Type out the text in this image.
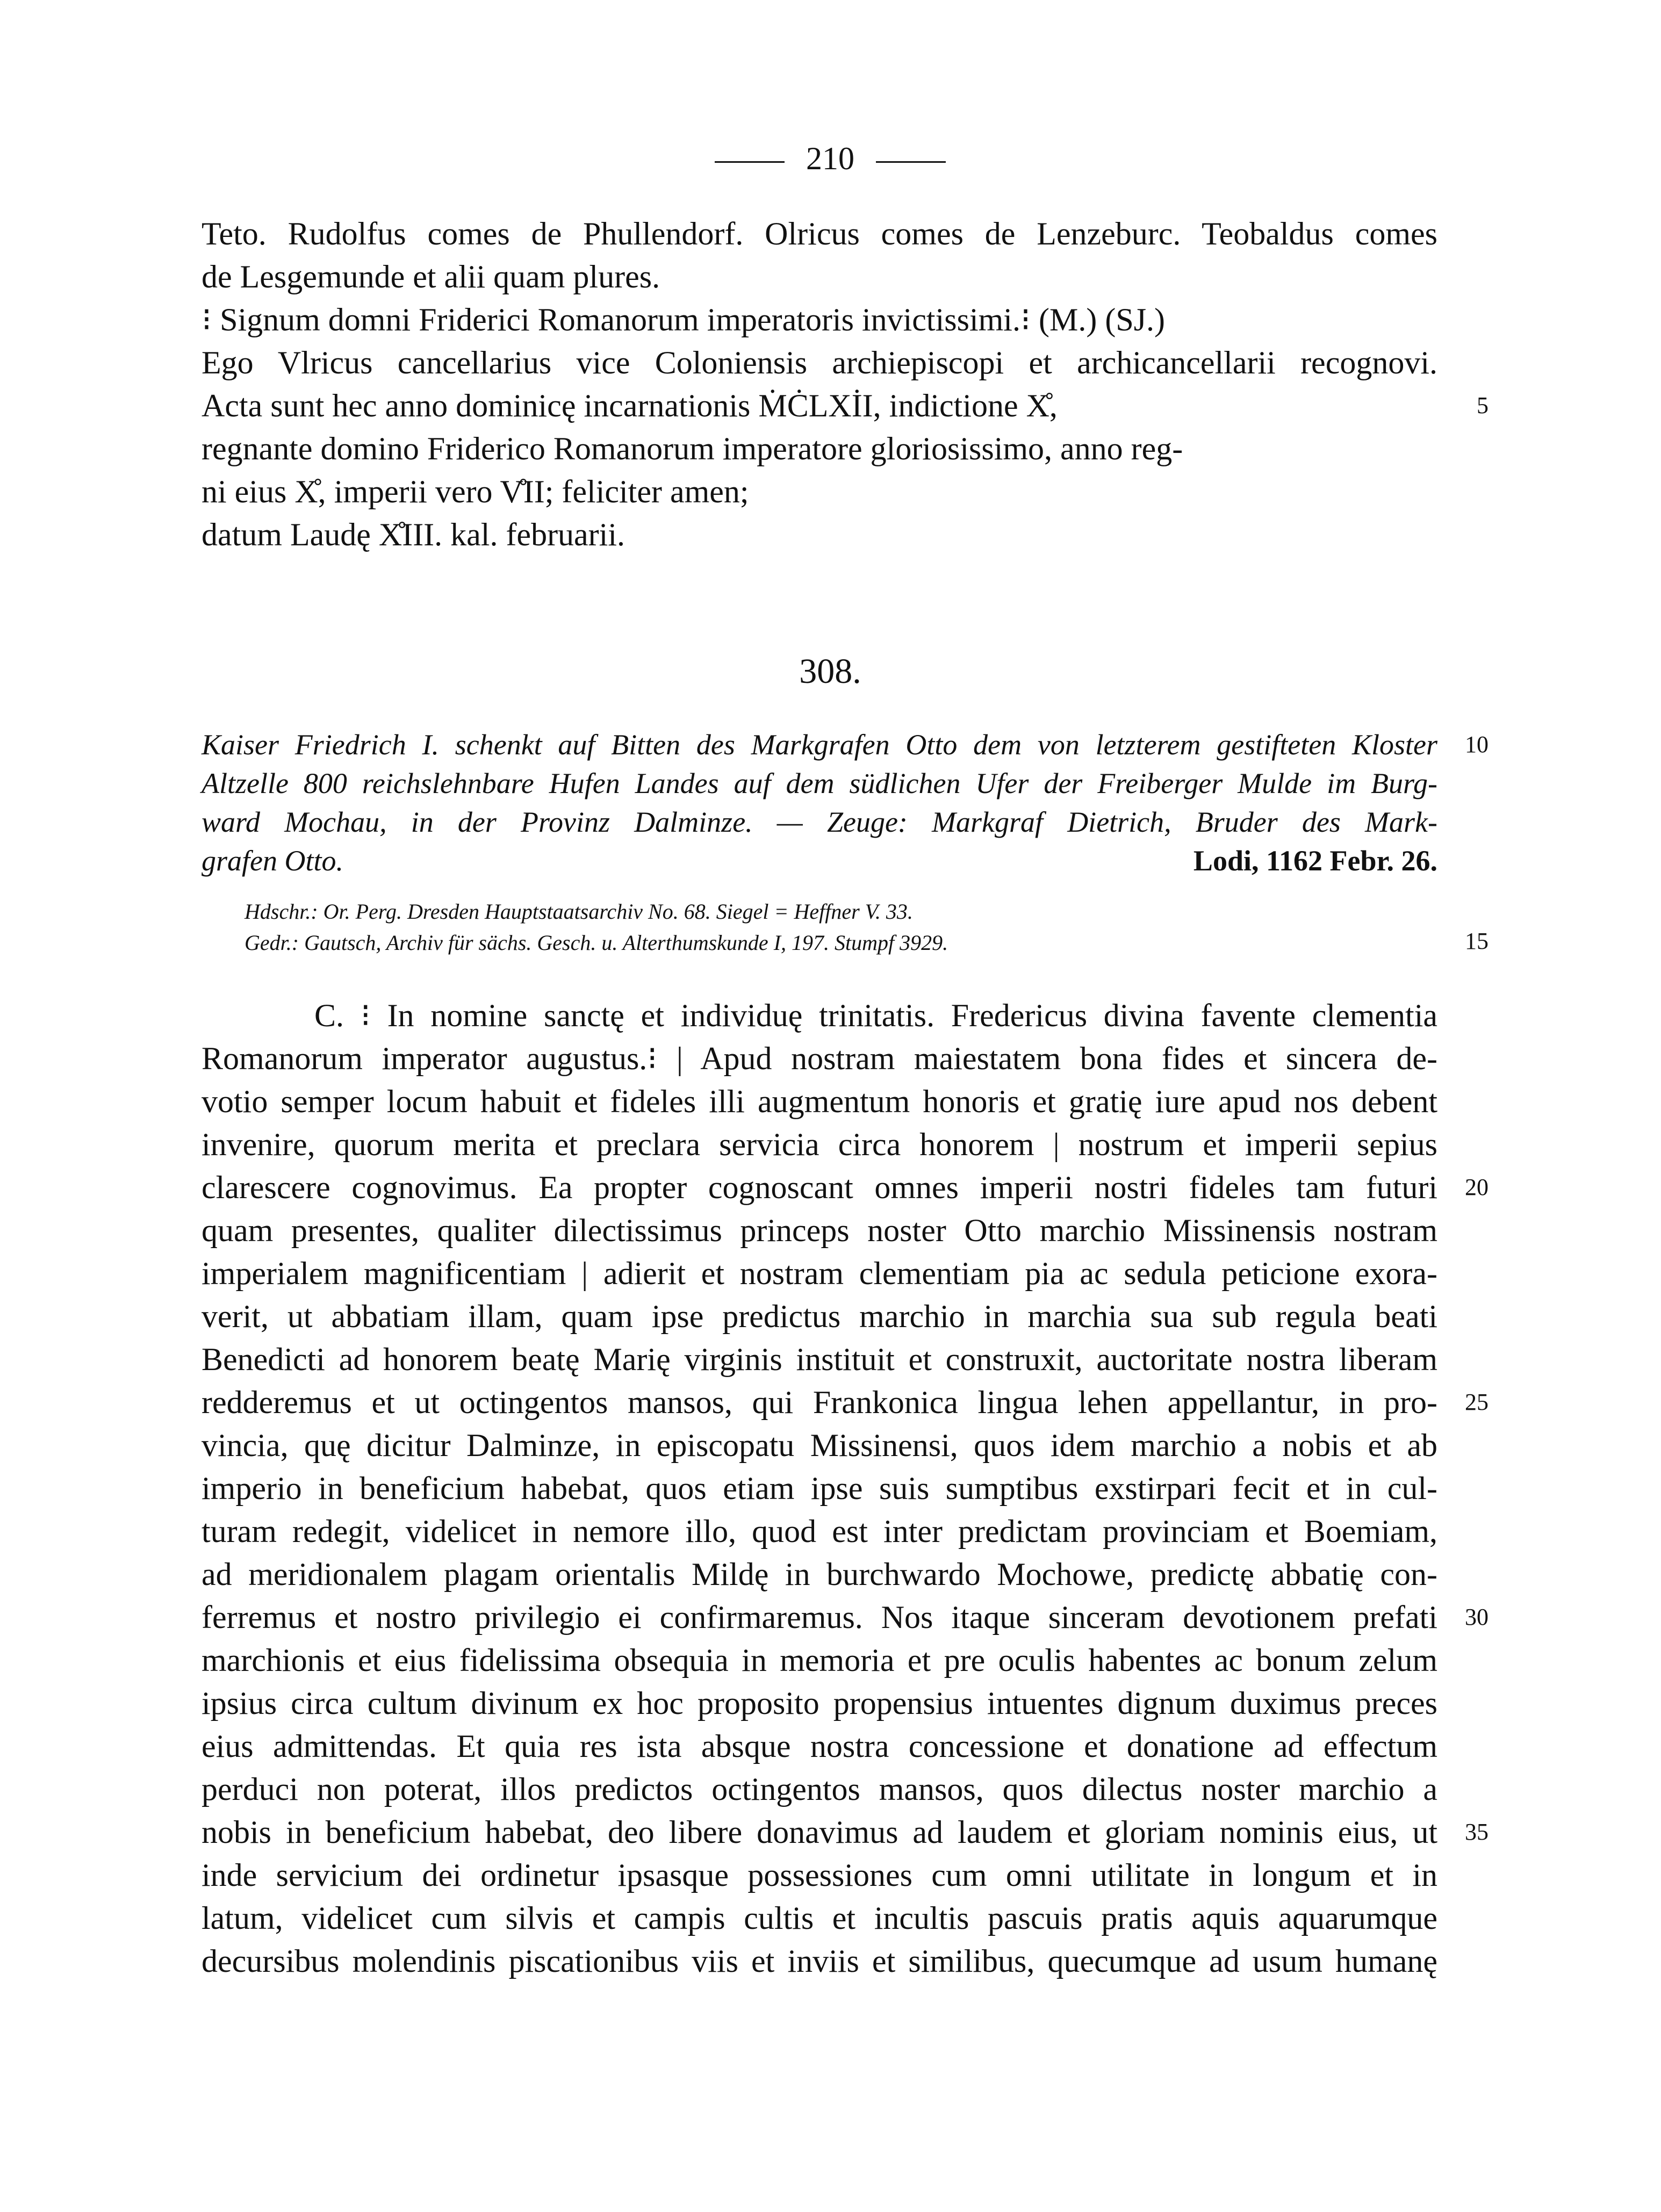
210
Teto. Rudolfus comes de Phullendorf. Olricus comes de Lenzeburc. Teobaldus comes
de Lesgemunde et alii quam plures.
⁝ Signum domni Friderici Romanorum imperatoris invictissimi.⁝ (M.) (SJ.)
Ego Vlricus cancellarius vice Coloniensis archiepiscopi et archicancellarii recognovi.
Acta sunt hec anno dominicę incarnationis ṀĊLXİI, indictione X̊,	5
regnante domino Friderico Romanorum imperatore gloriosissimo, anno reg-
ni eius X̊, imperii vero V̊II; feliciter amen;
datum Laudę X̊III. kal. februarii.
308.
Kaiser Friedrich I. schenkt auf Bitten des Markgrafen Otto dem von letzterem gestifteten Kloster	10
Altzelle 800 reichslehnbare Hufen Landes auf dem südlichen Ufer der Freiberger Mulde im Burg-
ward Mochau, in der Provinz Dalminze. — Zeuge: Markgraf Dietrich, Bruder des Mark-
grafen Otto.	Lodi, 1162 Febr. 26.
Hdschr.: Or. Perg. Dresden Hauptstaatsarchiv No. 68. Siegel = Heffner V. 33.
Gedr.: Gautsch, Archiv für sächs. Gesch. u. Alterthumskunde I, 197. Stumpf 3929.	15
C. ⁝ In nomine sanctę et individuę trinitatis. Fredericus divina favente clementia
Romanorum imperator augustus.⁝ | Apud nostram maiestatem bona fides et sincera de-
votio semper locum habuit et fideles illi augmentum honoris et gratię iure apud nos debent
invenire, quorum merita et preclara servicia circa honorem | nostrum et imperii sepius
clarescere cognovimus. Ea propter cognoscant omnes imperii nostri fideles tam futuri	20
quam presentes, qualiter dilectissimus princeps noster Otto marchio Missinensis nostram
imperialem magnificentiam | adierit et nostram clementiam pia ac sedula peticione exora-
verit, ut abbatiam illam, quam ipse predictus marchio in marchia sua sub regula beati
Benedicti ad honorem beatę Marię virginis instituit et construxit, auctoritate nostra liberam
redderemus et ut octingentos mansos, qui Frankonica lingua lehen appellantur, in pro-	25
vincia, quę dicitur Dalminze, in episcopatu Missinensi, quos idem marchio a nobis et ab
imperio in beneficium habebat, quos etiam ipse suis sumptibus exstirpari fecit et in cul-
turam redegit, videlicet in nemore illo, quod est inter predictam provinciam et Boemiam,
ad meridionalem plagam orientalis Mildę in burchwardo Mochowe, predictę abbatię con-
ferremus et nostro privilegio ei confirmaremus. Nos itaque sinceram devotionem prefati	30
marchionis et eius fidelissima obsequia in memoria et pre oculis habentes ac bonum zelum
ipsius circa cultum divinum ex hoc proposito propensius intuentes dignum duximus preces
eius admittendas. Et quia res ista absque nostra concessione et donatione ad effectum
perduci non poterat, illos predictos octingentos mansos, quos dilectus noster marchio a
nobis in beneficium habebat, deo libere donavimus ad laudem et gloriam nominis eius, ut	35
inde servicium dei ordinetur ipsasque possessiones cum omni utilitate in longum et in
latum, videlicet cum silvis et campis cultis et incultis pascuis pratis aquis aquarumque
decursibus molendinis piscationibus viis et inviis et similibus, quecumque ad usum humanę
